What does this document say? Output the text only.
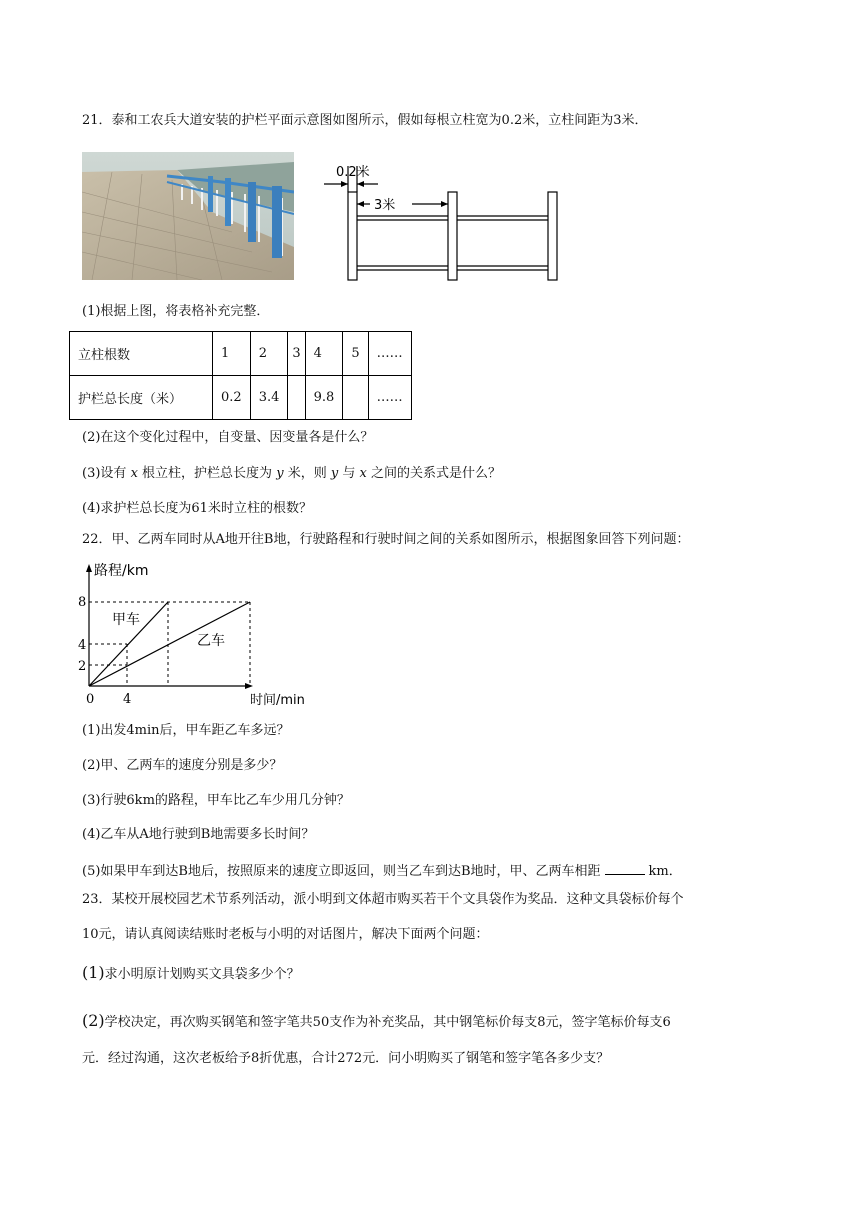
21．泰和工农兵大道安装的护栏平面示意图如图所示，假如每根立柱宽为0.2米，立柱间距为3米．
0.2米
3米
(1)根据上图，将表格补充完整．
立柱根数	1	2	3	4	5	……
护栏总长度（米）	0.2	3.4		9.8		……
(2)在这个变化过程中，自变量、因变量各是什么？
(3)设有 x 根立柱，护栏总长度为 y 米，则 y 与 x 之间的关系式是什么？
(4)求护栏总长度为61米时立柱的根数？
22．甲、乙两车同时从A地开往B地，行驶路程和行驶时间之间的关系如图所示，根据图象回答下列问题：
路程/km
时间/min
8
4
2
0 4
甲车
乙车
(1)出发4min后，甲车距乙车多远？
(2)甲、乙两车的速度分别是多少？
(3)行驶6km的路程，甲车比乙车少用几分钟？
(4)乙车从A地行驶到B地需要多长时间？
(5)如果甲车到达B地后，按照原来的速度立即返回，则当乙车到达B地时，甲、乙两车相距	km．
23．某校开展校园艺术节系列活动，派小明到文体超市购买若干个文具袋作为奖品．这种文具袋标价每个
10元，请认真阅读结账时老板与小明的对话图片，解决下面两个问题：
(1)求小明原计划购买文具袋多少个？
(2)学校决定，再次购买钢笔和签字笔共50支作为补充奖品，其中钢笔标价每支8元，签字笔标价每支6
元．经过沟通，这次老板给予8折优惠，合计272元．问小明购买了钢笔和签字笔各多少支？
